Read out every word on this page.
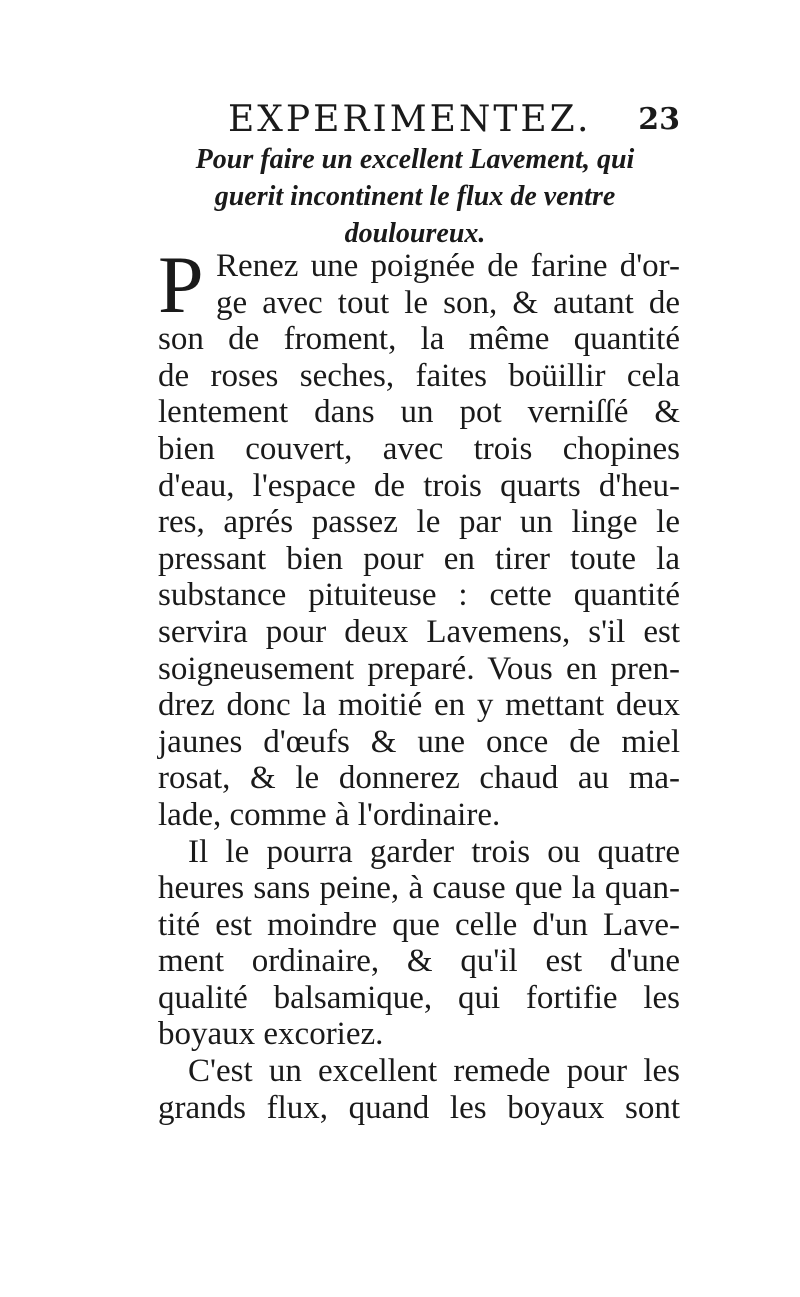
EXPERIMENTEZ. 23
Pour faire un excellent Lavement, qui
guerit incontinent le flux de ventre
douloureux.
P Renez une poignée de farine d'or-
ge avec tout le son, & autant de
son de froment, la même quantité
de roses seches, faites boüillir cela
lentement dans un pot verniſſé &
bien couvert, avec trois chopines
d'eau, l'espace de trois quarts d'heu-
res, aprés passez le par un linge le
pressant bien pour en tirer toute la
substance pituiteuse : cette quantité
servira pour deux Lavemens, s'il est
soigneusement preparé. Vous en pren-
drez donc la moitié en y mettant deux
jaunes d'œufs & une once de miel
rosat, & le donnerez chaud au ma-
lade, comme à l'ordinaire.
Il le pourra garder trois ou quatre
heures sans peine, à cause que la quan-
tité est moindre que celle d'un Lave-
ment ordinaire, & qu'il est d'une
qualité balsamique, qui fortifie les
boyaux excoriez.
C'est un excellent remede pour les
grands flux, quand les boyaux sont
